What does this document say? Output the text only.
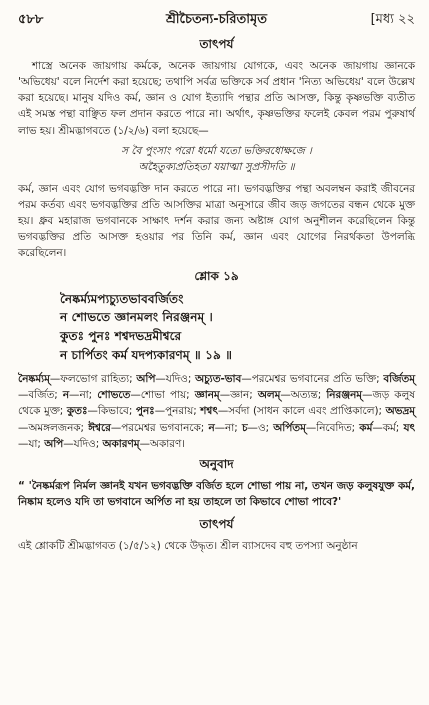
৫৮৮	শ্রীচৈতন্য-চরিতামৃত	[মধ্য ২২
তাৎপর্য

শাস্ত্রে অনেক জায়গায় কর্মকে, অনেক জায়গায় যোগকে, এবং অনেক জায়গায় জ্ঞানকে 'অভিধেয়' বলে নির্দেশ করা হয়েছে; তথাপি সর্বত্র ভক্তিকে সর্ব প্রধান 'নিত্য অভিধেয়' বলে উল্লেখ করা হয়েছে। মানুষ যদিও কর্ম, জ্ঞান ও যোগ ইত্যাদি পন্থার প্রতি আসক্ত, কিন্তু কৃষ্ণভক্তি ব্যতীত এই সমস্ত পন্থা বাঞ্ছিত ফল প্রদান করতে পারে না। অর্থাৎ, কৃষ্ণভক্তির ফলেই কেবল পরম পুরুষার্থ লাভ হয়। শ্রীমদ্ভাগবতে (১/২/৬) বলা হয়েছে—

স বৈ পুংসাং পরো ধর্মো যতো ভক্তিরধোক্ষজে ।
অহৈতুক্যপ্রতিহতা যয়াত্মা সুপ্রসীদতি ॥

কর্ম, জ্ঞান এবং যোগ ভগবদ্ভক্তি দান করতে পারে না। ভগবদ্ভক্তির পন্থা অবলম্বন করাই জীবনের পরম কর্তব্য এবং ভগবদ্ভক্তির প্রতি আসক্তির মাত্রা অনুসারে জীব জড় জগতের বন্ধন থেকে মুক্ত হয়। ধ্রুব মহারাজ ভগবানকে সাক্ষাৎ দর্শন করার জন্য অষ্টাঙ্গ যোগ অনুশীলন করেছিলেন কিন্তু ভগবদ্ভক্তির প্রতি আসক্ত হওয়ার পর তিনি কর্ম, জ্ঞান এবং যোগের নিরর্থকতা উপলব্ধি করেছিলেন।

শ্লোক ১৯
নৈষ্কর্ম্যমপ্যচ্যুতভাববর্জিতং
ন শোভতে জ্ঞানমলং নিরঞ্জনম্ ।
কুতঃ পুনঃ শশ্বদভদ্রমীশ্বরে
ন চার্পিতং কর্ম যদপ্যকারণম্ ॥ ১৯ ॥
নৈষ্কর্ম্যম্—ফলভোগ রাহিত্য; অপি—যদিও; অচ্যুত-ভাব—পরমেশ্বর ভগবানের প্রতি ভক্তি; বর্জিতম্—বর্জিত; ন—না; শোভতে—শোভা পায়; জ্ঞানম্—জ্ঞান; অলম্—অত্যন্ত; নিরঞ্জনম্—জড় কলুষ থেকে মুক্ত; কুতঃ—কিভাবে; পুনঃ—পুনরায়; শশ্বৎ—সর্বদা (সাধন কালে এবং প্রাপ্তিকালে); অভদ্রম্—অমঙ্গলজনক; ঈশ্বরে—পরমেশ্বর ভগবানকে; ন—না; চ—ও; অর্পিতম্—নিবেদিত; কর্ম—কর্ম; যৎ—যা; অপি—যদিও; অকারণম্—অকারণ।
অনুবাদ
“ 'নৈষ্কর্মরূপ নির্মল জ্ঞানই যখন ভগবদ্ভক্তি বর্জিত হলে শোভা পায় না, তখন জড় কলুষযুক্ত কর্ম, নিষ্কাম হলেও যদি তা ভগবানে অর্পিত না হয় তাহলে তা কিভাবে শোভা পাবে?'
তাৎপর্য

এই শ্লোকটি শ্রীমদ্ভাগবত (১/৫/১২) থেকে উদ্ধৃত। শ্রীল ব্যাসদেব বহু তপস্যা অনুষ্ঠান
